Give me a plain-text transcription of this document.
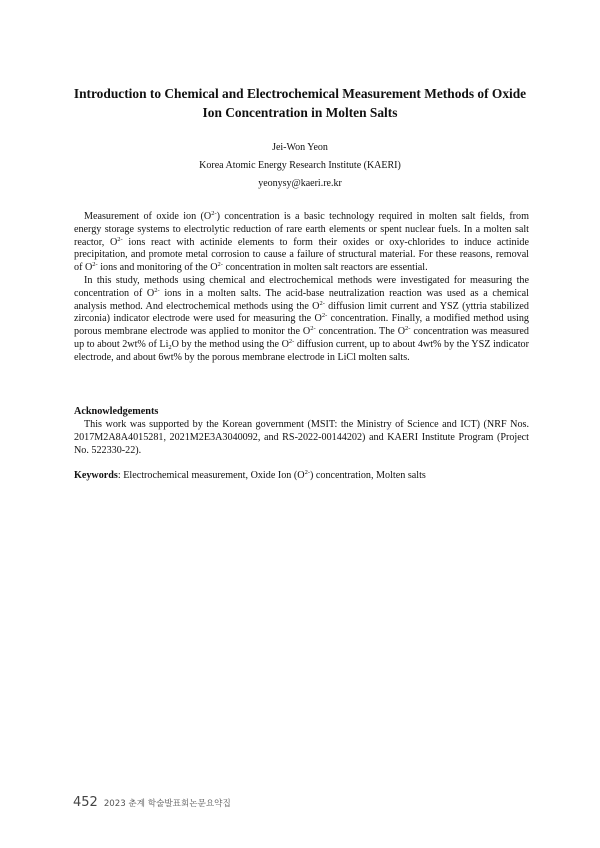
Introduction to Chemical and Electrochemical Measurement Methods of Oxide
Ion Concentration in Molten Salts
Jei-Won Yeon
Korea Atomic Energy Research Institute (KAERI)
yeonysy@kaeri.re.kr

Measurement of oxide ion $(O^{2-})$ concentration is a basic technology required in molten salt fields, from energy storage systems to electrolytic reduction of rare earth elements or spent nuclear fuels. In a molten salt reactor, $O^{2-}$ ions react with actinide elements to form their oxides or oxy-chlorides to induce actinide precipitation, and promote metal corrosion to cause a failure of structural material. For these reasons, removal of $O^{2-}$ ions and monitoring of the $O^{2-}$ concentration in molten salt reactors are essential.

In this study, methods using chemical and electrochemical methods were investigated for measuring the concentration of $O^{2-}$ ions in a molten salts. The acid-base neutralization reaction was used as a chemical analysis method. And electrochemical methods using the $O^{2-}$ diffusion limit current and YSZ (yttria stabilized zirconia) indicator electrode were used for measuring the $O^{2-}$ concentration. Finally, a modified method using porous membrane electrode was applied to monitor the $O^{2-}$ concentration. The $O^{2-}$ concentration was measured up to about 2wt% of $Li_2O$ by the method using the $O^{2-}$ diffusion current, up to about 4wt% by the YSZ indicator electrode, and about 6wt% by the porous membrane electrode in LiCl molten salts.

Acknowledgements

This work was supported by the Korean government (MSIT: the Ministry of Science and ICT) (NRF Nos. 2017M2A8A4015281, 2021M2E3A3040092, and RS-2022-00144202) and KAERI Institute Program (Project No. 522330-22).

Keywords: Electrochemical measurement, Oxide Ion $(O^{2-})$ concentration, Molten salts
452 2023 춘계 학술발표회논문요약집
